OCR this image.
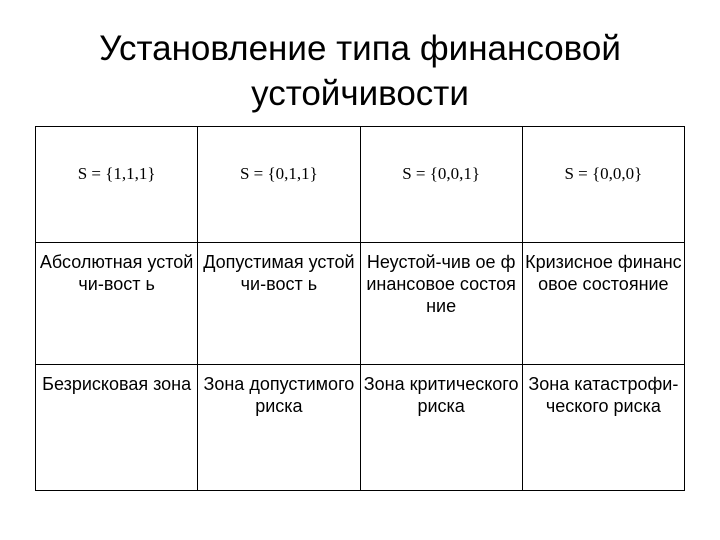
Установление типа финансовой
устойчивости
S = {1,1,1}	S = {0,1,1}	S = {0,0,1}	S = {0,0,0}
Абсолютная устойчи-вост ь	Допустимая устойчи-вост ь	Неустой-чив ое финансовое состояние	Кризисное финансовое состояние
Безрисковая зона	Зона допустимого риска	Зона критического риска	Зона катастрофи- ческого риска
